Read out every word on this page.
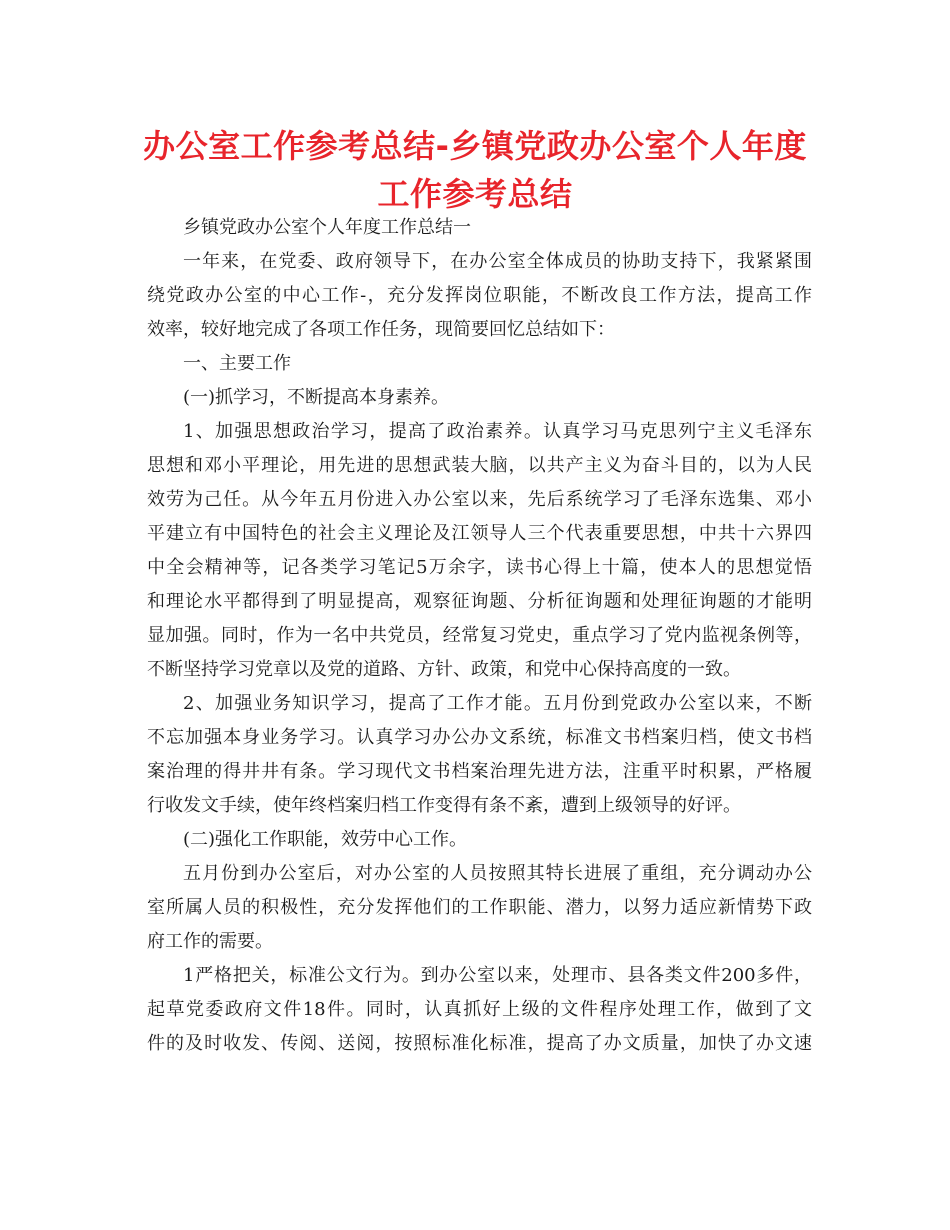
办公室工作参考总结-乡镇党政办公室个人年度
工作参考总结
乡镇党政办公室个人年度工作总结一
一年来，在党委、政府领导下，在办公室全体成员的协助支持下，我紧紧围
绕党政办公室的中心工作-，充分发挥岗位职能，不断改良工作方法，提高工作
效率，较好地完成了各项工作任务，现简要回忆总结如下：
一、主要工作
(一)抓学习，不断提高本身素养。
1、加强思想政治学习，提高了政治素养。认真学习马克思列宁主义毛泽东
思想和邓小平理论，用先进的思想武装大脑，以共产主义为奋斗目的，以为人民
效劳为己任。从今年五月份进入办公室以来，先后系统学习了毛泽东选集、邓小
平建立有中国特色的社会主义理论及江领导人三个代表重要思想，中共十六界四
中全会精神等，记各类学习笔记5万余字，读书心得上十篇，使本人的思想觉悟
和理论水平都得到了明显提高，观察征询题、分析征询题和处理征询题的才能明
显加强。同时，作为一名中共党员，经常复习党史，重点学习了党内监视条例等，
不断坚持学习党章以及党的道路、方针、政策，和党中心保持高度的一致。
2、加强业务知识学习，提高了工作才能。五月份到党政办公室以来，不断
不忘加强本身业务学习。认真学习办公办文系统，标准文书档案归档，使文书档
案治理的得井井有条。学习现代文书档案治理先进方法，注重平时积累，严格履
行收发文手续，使年终档案归档工作变得有条不紊，遭到上级领导的好评。
(二)强化工作职能，效劳中心工作。
五月份到办公室后，对办公室的人员按照其特长进展了重组，充分调动办公
室所属人员的积极性，充分发挥他们的工作职能、潜力，以努力适应新情势下政
府工作的需要。
1严格把关，标准公文行为。到办公室以来，处理市、县各类文件200多件，
起草党委政府文件18件。同时，认真抓好上级的文件程序处理工作，做到了文
件的及时收发、传阅、送阅，按照标准化标准，提高了办文质量，加快了办文速
